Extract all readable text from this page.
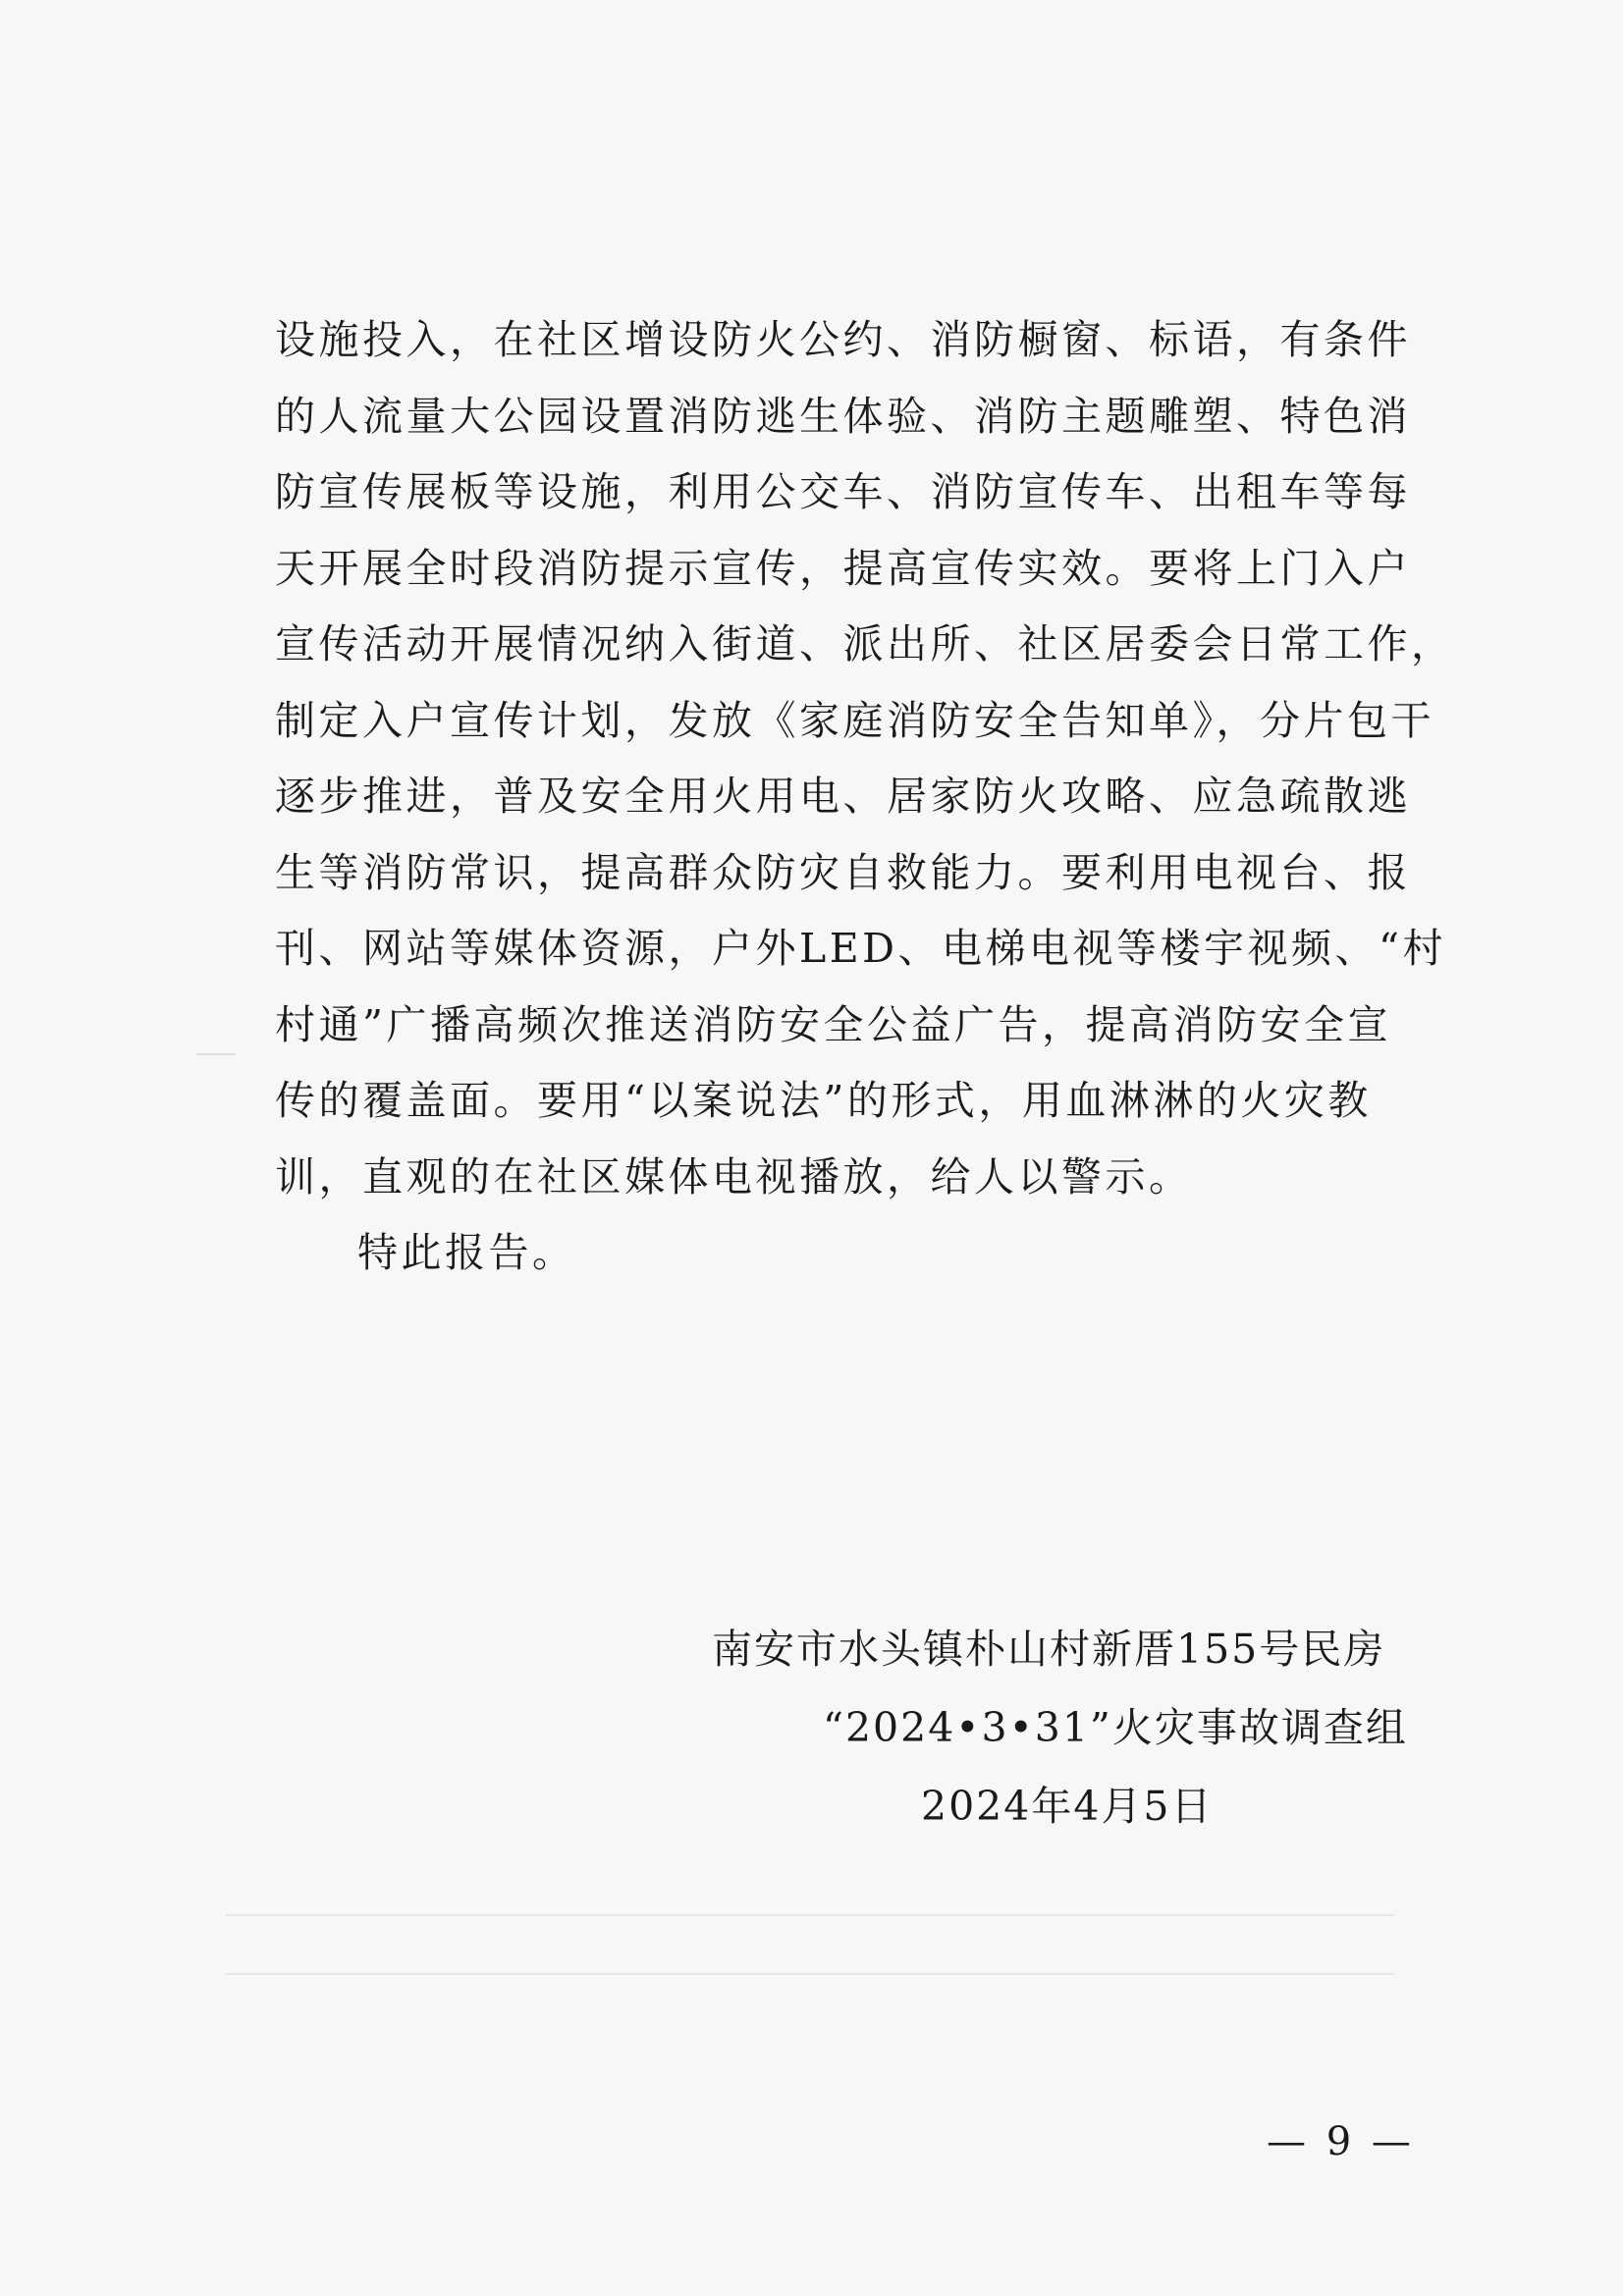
设施投入，在社区增设防火公约、消防橱窗、标语，有条件
的人流量大公园设置消防逃生体验、消防主题雕塑、特色消
防宣传展板等设施，利用公交车、消防宣传车、出租车等每
天开展全时段消防提示宣传，提高宣传实效。要将上门入户
宣传活动开展情况纳入街道、派出所、社区居委会日常工作，
制定入户宣传计划，发放《家庭消防安全告知单》，分片包干
逐步推进，普及安全用火用电、居家防火攻略、应急疏散逃
生等消防常识，提高群众防灾自救能力。要利用电视台、报
刊、网站等媒体资源，户外LED、电梯电视等楼宇视频、“村
村通”广播高频次推送消防安全公益广告，提高消防安全宣
传的覆盖面。要用“以案说法”的形式，用血淋淋的火灾教
训，直观的在社区媒体电视播放，给人以警示。
特此报告。
南安市水头镇朴山村新厝155号民房
“2024•3•31”火灾事故调查组
2024年4月5日
— 9 —
